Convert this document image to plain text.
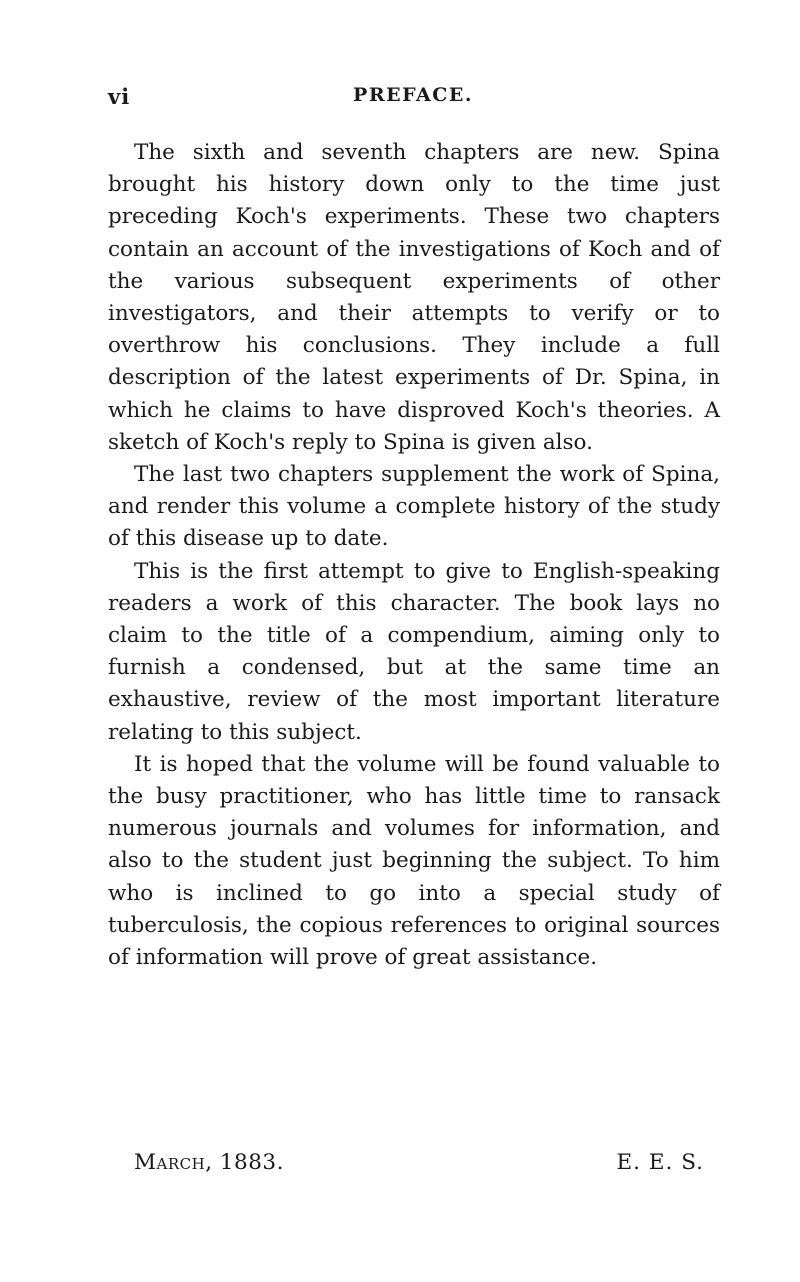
vi	PREFACE.

The sixth and seventh chapters are new. Spina brought his history down only to the time just preceding Koch's experiments. These two chapters contain an account of the investigations of Koch and of the various subsequent experiments of other investigators, and their attempts to verify or to overthrow his conclusions. They include a full description of the latest experiments of Dr. Spina, in which he claims to have disproved Koch's theories. A sketch of Koch's reply to Spina is given also.

The last two chapters supplement the work of Spina, and render this volume a complete history of the study of this disease up to date.

This is the first attempt to give to English-speaking readers a work of this character. The book lays no claim to the title of a compendium, aiming only to furnish a condensed, but at the same time an exhaustive, review of the most important literature relating to this subject.

It is hoped that the volume will be found valuable to the busy practitioner, who has little time to ransack numerous journals and volumes for information, and also to the student just beginning the subject. To him who is inclined to go into a special study of tuberculosis, the copious references to original sources of information will prove of great assistance.

March, 1883.	E. E. S.
